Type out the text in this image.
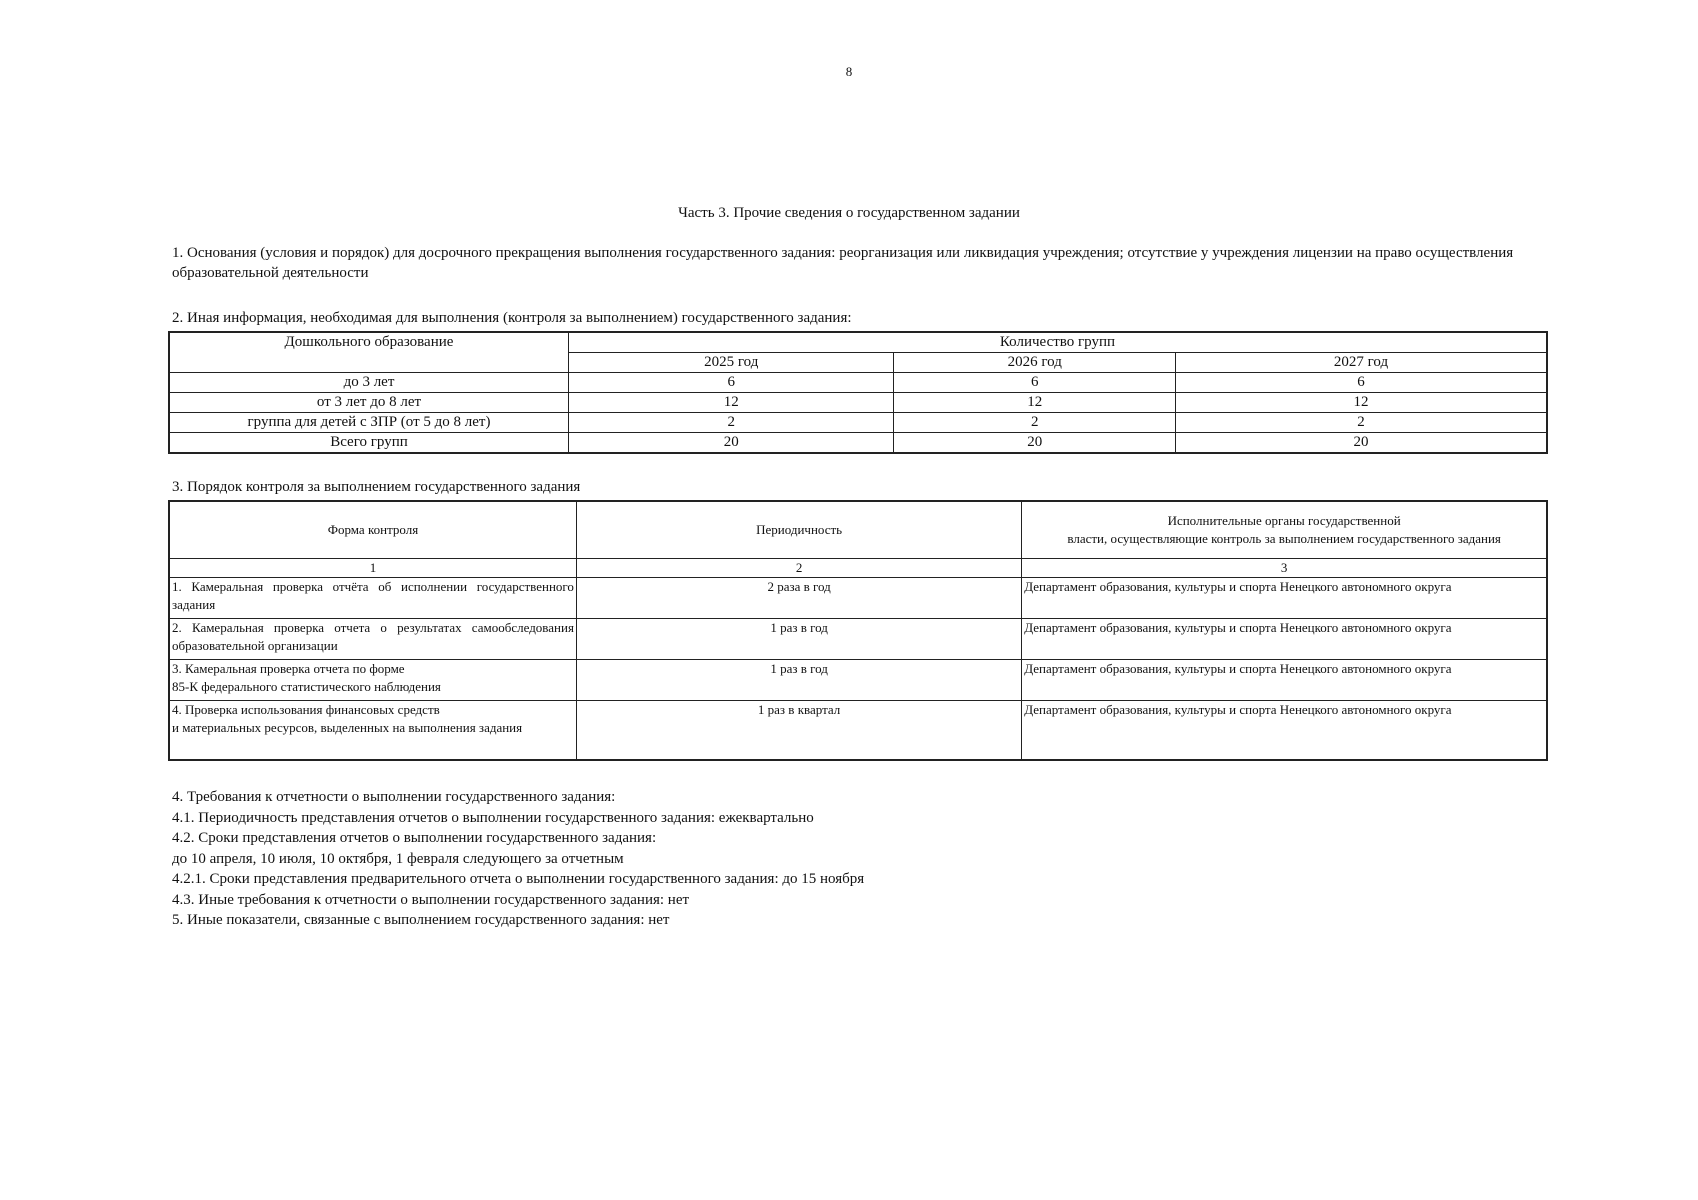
8
Часть 3. Прочие сведения о государственном задании
1. Основания (условия и порядок) для досрочного прекращения выполнения государственного задания: реорганизация или ликвидация учреждения; отсутствие у учреждения лицензии на право осуществления образовательной деятельности
2. Иная информация, необходимая для выполнения (контроля за выполнением) государственного задания:
Дошкольного образование	Количество групп		
	2025 год	2026 год	2027 год
до 3 лет	6	6	6
от 3 лет до 8 лет	12	12	12
группа для детей с ЗПР (от 5 до 8 лет)	2	2	2
Всего групп	20	20	20
3. Порядок контроля за выполнением государственного задания
Форма контроля	Периодичность	Исполнительные органы государственной
власти, осуществляющие контроль за выполнением государственного задания

1	2	3
1. Камеральная проверка отчёта об исполнении государственного задания	2 раза в год	Департамент образования, культуры и спорта Ненецкого автономного округа
2. Камеральная проверка отчета о результатах самообследования образовательной организации	1 раз в год	Департамент образования, культуры и спорта Ненецкого автономного округа

3. Камеральная проверка отчета по форме
85-К федерального статистического наблюдения	1 раз в год	Департамент образования, культуры и спорта Ненецкого автономного округа

4. Проверка использования финансовых средств
и материальных ресурсов, выделенных на выполнения задания	1 раз в квартал	Департамент образования, культуры и спорта Ненецкого автономного округа
4. Требования к отчетности о выполнении государственного задания:
4.1. Периодичность представления отчетов о выполнении государственного задания: ежеквартально
4.2. Сроки представления отчетов о выполнении государственного задания:
до 10 апреля, 10 июля, 10 октября, 1 февраля следующего за отчетным
4.2.1. Сроки представления предварительного отчета о выполнении государственного задания: до 15 ноября
4.3. Иные требования к отчетности о выполнении государственного задания: нет
5. Иные показатели, связанные с выполнением государственного задания: нет
